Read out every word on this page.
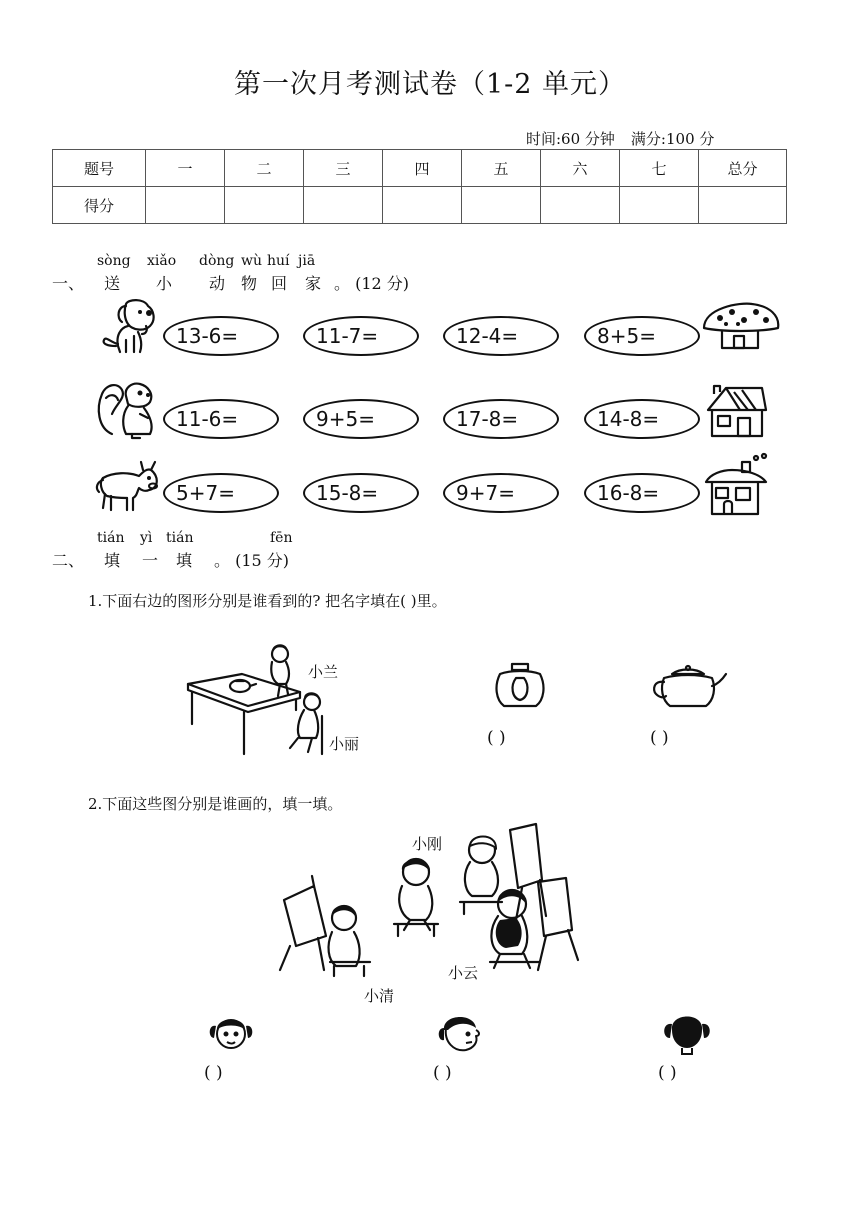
第一次月考测试卷（1-2 单元）
时间:60 分钟 满分:100 分
题号	一	二	三	四	五	六	七	总分
得分								
一、
sòng
送
xiǎo
小
dòng
动
wù
物
huí
回
jiā
家 。 (12 分)
13-6=	11-7=	12-4=	8+5=
11-6=	9+5=	17-8=	14-8=
5+7=	15-8=	9+7=	16-8=
二、
tián
填
yì
一
tián
填
fēn
。 (15 分)
1.下面右边的图形分别是谁看到的? 把名字填在( )里。
小兰
小丽	( )	( )
2.下面这些图分别是谁画的，填一填。
小刚
小云
小清
( )	( )	( )
